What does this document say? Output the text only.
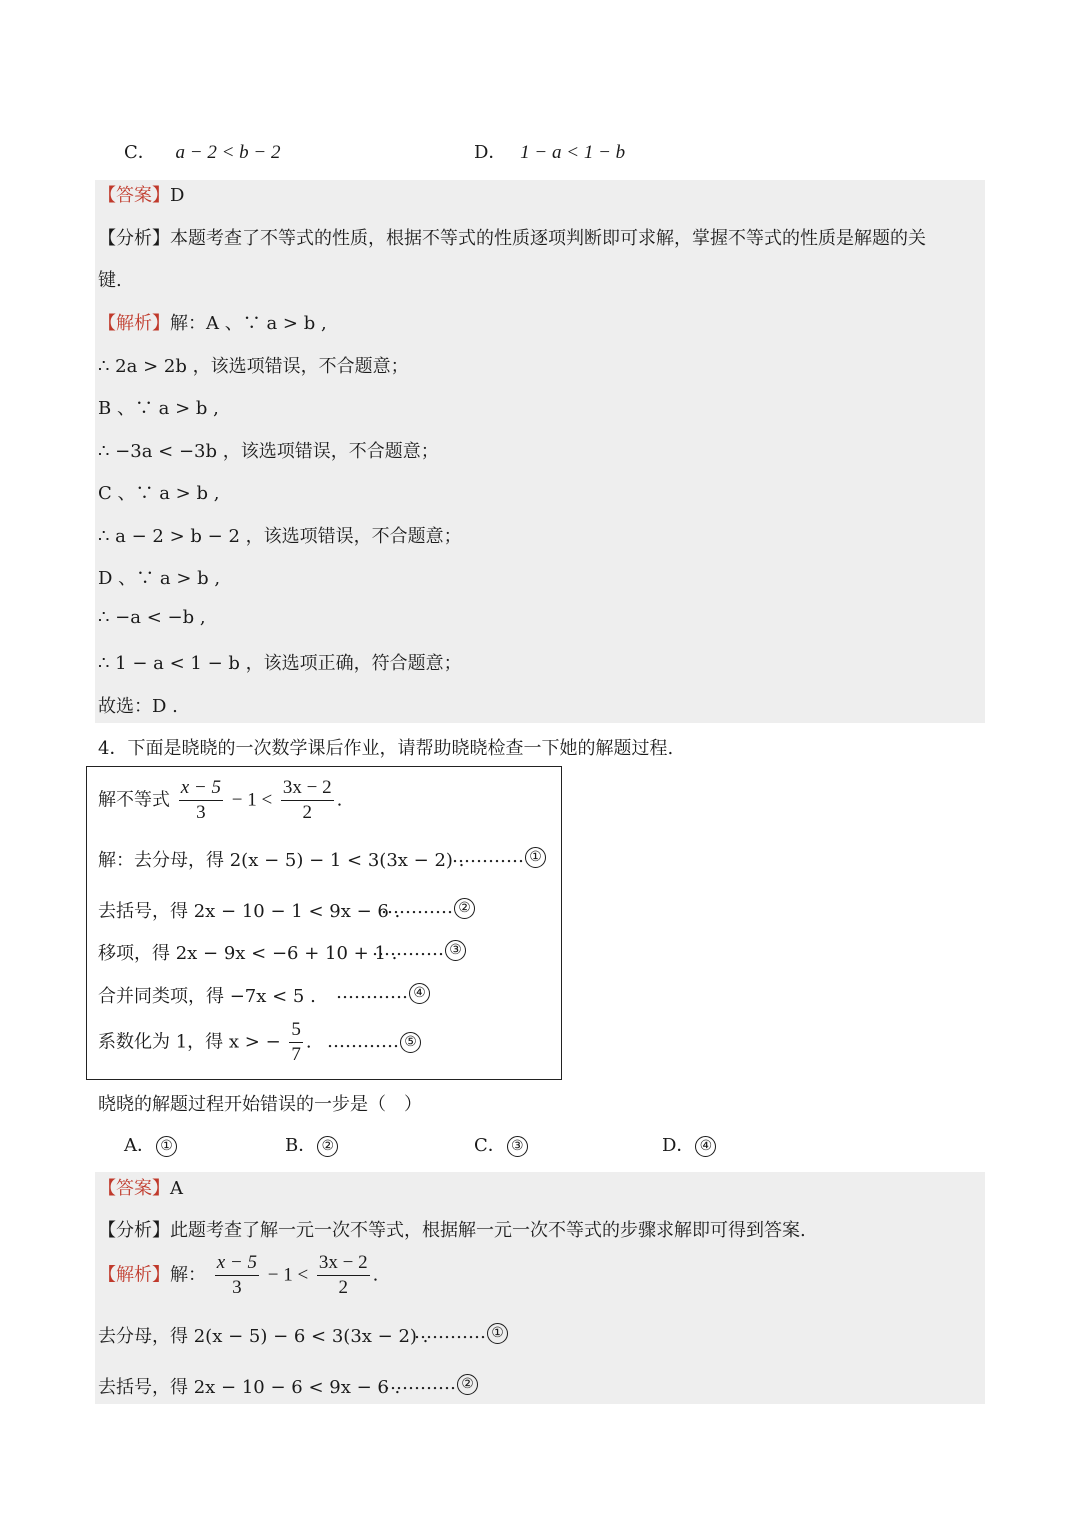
C． a − 2 < b − 2	D． 1 − a < 1 − b
【答案】D
【分析】本题考查了不等式的性质，根据不等式的性质逐项判断即可求解，掌握不等式的性质是解题的关
键.
【解析】解：A 、∵ a > b ,
∴ 2a > 2b ，该选项错误，不合题意；
B 、∵ a > b ,
∴ −3a < −3b ，该选项错误，不合题意；
C 、∵ a > b ,
∴ a − 2 > b − 2 ，该选项错误，不合题意；
D 、∵ a > b ,
∴ −a < −b ,
∴ 1 − a < 1 − b ，该选项正确，符合题意；
故选：D .
4．下面是晓晓的一次数学课后作业，请帮助晓晓检查一下她的解题过程.
解不等式 $\frac{x - 5}{3} - 1 < \frac{3x - 2}{2}$ .
解：去分母，得 2(x − 5) − 1 < 3(3x − 2) .
………… ①
去括号，得 2x − 10 − 1 < 9x − 6 .
………… ②
移项，得 2x − 9x < −6 + 10 + 1 .
………… ③
合并同类项，得 −7x < 5 . ………… ④
系数化为 1，得 x > − $\frac{5}{7}$ . ………… ⑤
晓晓的解题过程开始错误的一步是（　）
A． ①	B． ②	C． ③	D． ④
【答案】A
【分析】此题考查了解一元一次不等式，根据解一元一次不等式的步骤求解即可得到答案.
【解析】解： $\frac{x - 5}{3} - 1 < \frac{3x - 2}{2}$ .
去分母，得 2(x − 5) − 6 < 3(3x − 2) .
………… ①
去括号，得 2x − 10 − 6 < 9x − 6 .
………… ②
